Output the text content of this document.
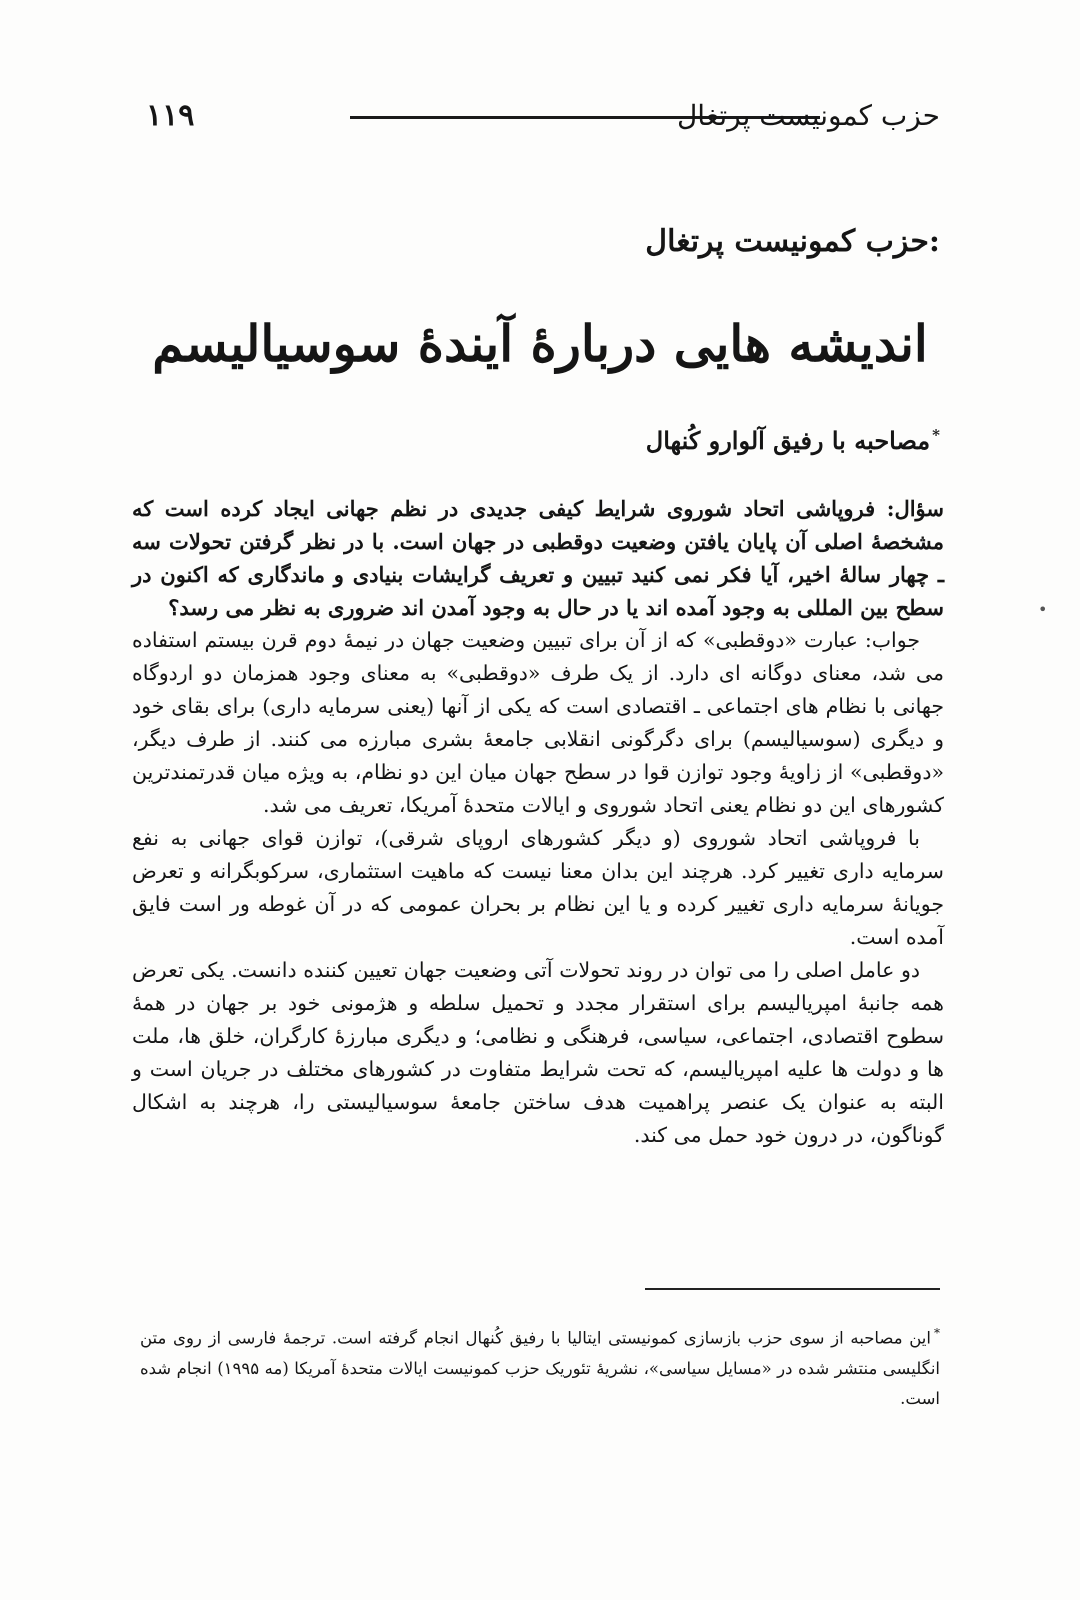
۱۱۹	حزب کمونیست پرتغال
حزب کمونیست پرتغال:
اندیشه هایی دربارهٔ آیندهٔ سوسیالیسم
مصاحبه با رفیق آلوارو کُنهال *

سؤال: فروپاشی اتحاد شوروی شرایط کیفی جدیدی در نظم جهانی ایجاد کرده است که مشخصهٔ اصلی آن پایان یافتن وضعیت دوقطبی در جهان است. با در نظر گرفتن تحولات سه ـ چهار سالهٔ اخیر، آیا فکر نمی کنید تبیین و تعریف گرایشات بنیادی و ماندگاری که اکنون در سطح بین المللی به وجود آمده اند یا در حال به وجود آمدن اند ضروری به نظر می رسد؟

جواب: عبارت «دوقطبی» که از آن برای تبیین وضعیت جهان در نیمهٔ دوم قرن بیستم استفاده می شد، معنای دوگانه ای دارد. از یک طرف «دوقطبی» به معنای وجود همزمان دو اردوگاه جهانی با نظام های اجتماعی ـ اقتصادی است که یکی از آنها (یعنی سرمایه داری) برای بقای خود و دیگری (سوسیالیسم) برای دگرگونی انقلابی جامعهٔ بشری مبارزه می کنند. از طرف دیگر، «دوقطبی» از زاویهٔ وجود توازن قوا در سطح جهان میان این دو نظام، به ویژه میان قدرتمندترین کشورهای این دو نظام یعنی اتحاد شوروی و ایالات متحدهٔ آمریکا، تعریف می شد.

با فروپاشی اتحاد شوروی (و دیگر کشورهای اروپای شرقی)، توازن قوای جهانی به نفع سرمایه داری تغییر کرد. هرچند این بدان معنا نیست که ماهیت استثماری، سرکوبگرانه و تعرض جویانهٔ سرمایه داری تغییر کرده و یا این نظام بر بحران عمومی که در آن غوطه ور است فایق آمده است.

دو عامل اصلی را می توان در روند تحولات آتی وضعیت جهان تعیین کننده دانست. یکی تعرض همه جانبهٔ امپریالیسم برای استقرار مجدد و تحمیل سلطه و هژمونی خود بر جهان در همهٔ سطوح اقتصادی، اجتماعی، سیاسی، فرهنگی و نظامی؛ و دیگری مبارزهٔ کارگران، خلق ها، ملت ها و دولت ها علیه امپریالیسم، که تحت شرایط متفاوت در کشورهای مختلف در جریان است و البته به عنوان یک عنصر پراهمیت هدف ساختن جامعهٔ سوسیالیستی را، هرچند به اشکال گوناگون، در درون خود حمل می کند.

*این مصاحبه از سوی حزب بازسازی کمونیستی ایتالیا با رفیق کُنهال انجام گرفته است. ترجمهٔ فارسی از روی متن انگلیسی منتشر شده در «مسایل سیاسی»، نشریهٔ تئوریک حزب کمونیست ایالات متحدهٔ آمریکا (مه ۱۹۹۵) انجام شده است.
•
